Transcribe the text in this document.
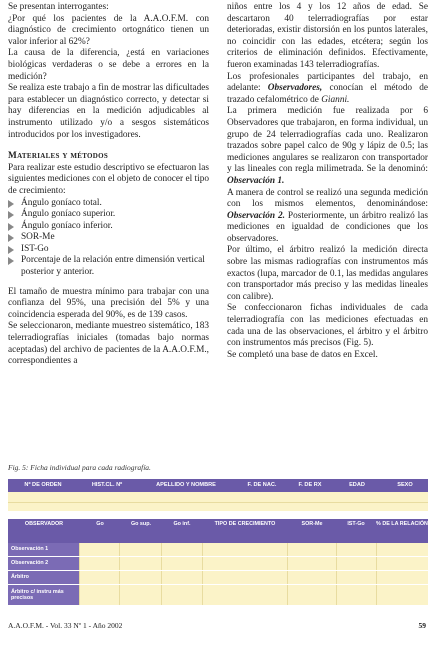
Se presentan interrogantes:

¿Por qué los pacientes de la A.A.O.F.M. con diagnóstico de crecimiento ortognático tienen un valor inferior al 62%?

La causa de la diferencia, ¿está en variaciones biológicas verdaderas o se debe a errores en la medición?

Se realiza este trabajo a fin de mostrar las dificultades para establecer un diagnóstico correcto, y detectar si hay diferencias en la medición adjudicables al instrumento utilizado y/o a sesgos sistemáticos introducidos por los investigadores.

Materiales y métodos

Para realizar este estudio descriptivo se efectuaron las siguientes mediciones con el objeto de conocer el tipo de crecimiento:

Ángulo goníaco total.
Ángulo goníaco superior.
Ángulo goníaco inferior.
SOR-Me
IST-Go
Porcentaje de la relación entre dimensión vertical posterior y anterior.

El tamaño de muestra mínimo para trabajar con una confianza del 95%, una precisión del 5% y una coincidencia esperada del 90%, es de 139 casos.

Se seleccionaron, mediante muestreo sistemático, 183 telerradiografías iniciales (tomadas bajo normas aceptadas) del archivo de pacientes de la A.A.O.F.M., correspondientes a

niños entre los 4 y los 12 años de edad. Se descartaron 40 telerradiografías por estar deterioradas, existir distorsión en los puntos laterales, no coincidir con las edades, etcétera; según los criterios de eliminación definidos. Efectivamente, fueron examinadas 143 telerradiografías.

Los profesionales participantes del trabajo, en adelante: Observadores, conocían el método de trazado cefalométrico de Gianni.

La primera medición fue realizada por 6 Observadores que trabajaron, en forma individual, un grupo de 24 telerradiografías cada uno. Realizaron trazados sobre papel calco de 90g y lápiz de 0.5; las mediciones angulares se realizaron con transportador y las lineales con regla milimetrada. Se la denominó: Observación 1.

A manera de control se realizó una segunda medición con los mismos elementos, denominándose: Observación 2. Posteriormente, un árbitro realizó las mediciones en igualdad de condiciones que los observadores.

Por último, el árbitro realizó la medición directa sobre las mismas radiografías con instrumentos más exactos (lupa, marcador de 0.1, las medidas angulares con transportador más preciso y las medidas lineales con calibre).

Se confeccionaron fichas individuales de cada telerradiografía con las mediciones efectuadas en cada una de las observaciones, el árbitro y el árbitro con instrumentos más precisos (Fig. 5).

Se completó una base de datos en Excel.

Fig. 5: Ficha individual para cada radiografía.
Nº DE ORDEN	HIST.CL. Nº	APELLIDO Y NOMBRE	F. DE NAC.	F. DE RX	EDAD	SEXO
OBSERVADOR	Go	Go sup.	Go inf.	TIPO DE CRECIMIENTO	SOR-Me	IST-Go	% DE LA RELACIÓN
Observación 1
Observación 2
Árbitro
Árbitro c/ instru más precisos
A.A.O.F.M. - Vol. 33 Nº 1 - Año 2002	59
